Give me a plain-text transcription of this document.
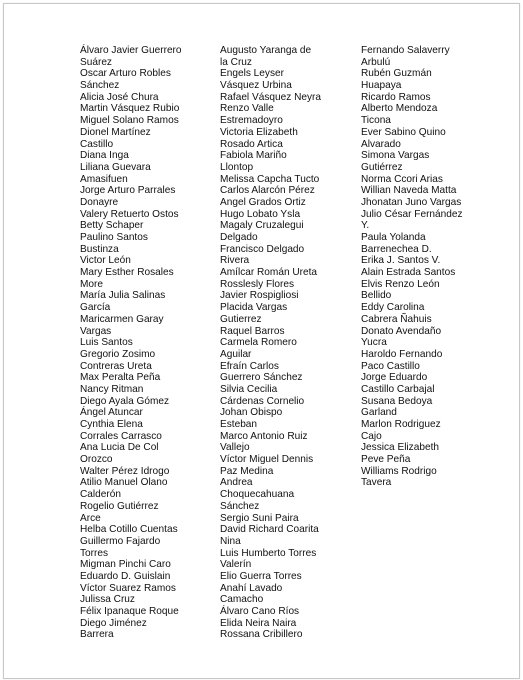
Álvaro Javier Guerrero
Suárez
Oscar Arturo Robles
Sánchez
Alicia José Chura
Martin Vásquez Rubio
Miguel Solano Ramos
Dionel Martínez
Castillo
Diana Inga
Liliana Guevara
Amasifuen
Jorge Arturo Parrales
Donayre
Valery Retuerto Ostos
Betty Schaper
Paulino Santos
Bustinza
Victor León
Mary Esther Rosales
More
María Julia Salinas
García
Maricarmen Garay
Vargas
Luis Santos
Gregorio Zosimo
Contreras Ureta
Max Peralta Peña
Nancy Ritman
Diego Ayala Gómez
Ángel Atuncar
Cynthia Elena
Corrales Carrasco
Ana Lucia De Col
Orozco
Walter Pérez Idrogo
Atilio Manuel Olano
Calderón
Rogelio Gutiérrez
Arce
Helba Cotillo Cuentas
Guillermo Fajardo
Torres
Migman Pinchi Caro
Eduardo D. Guislain
Víctor Suarez Ramos
Julissa Cruz
Félix Ipanaque Roque
Diego Jiménez
Barrera
Augusto Yaranga de
la Cruz
Engels Leyser
Vásquez Urbina
Rafael Vásquez Neyra
Renzo Valle
Estremadoyro
Victoria Elizabeth
Rosado Artica
Fabiola Mariño
Llontop
Melissa Capcha Tucto
Carlos Alarcón Pérez
Angel Grados Ortiz
Hugo Lobato Ysla
Magaly Cruzalegui
Delgado
Francisco Delgado
Rivera
Amílcar Román Ureta
Rosslesly Flores
Javier Rospigliosi
Placida Vargas
Gutierrez
Raquel Barros
Carmela Romero
Aguilar
Efraín Carlos
Guerrero Sánchez
Silvia Cecilia
Cárdenas Cornelio
Johan Obispo
Esteban
Marco Antonio Ruiz
Vallejo
Víctor Miguel Dennis
Paz Medina
Andrea
Choquecahuana
Sánchez
Sergio Suni Paira
David Richard Coarita
Nina
Luis Humberto Torres
Valerín
Elio Guerra Torres
Anahí Lavado
Camacho
Álvaro Cano Ríos
Elida Neira Naira
Rossana Cribillero
Fernando Salaverry
Arbulú
Rubén Guzmán
Huapaya
Ricardo Ramos
Alberto Mendoza
Ticona
Ever Sabino Quino
Alvarado
Simona Vargas
Gutiérrez
Norma Ccori Arias
Willian Naveda Matta
Jhonatan Juno Vargas
Julio César Fernández
Y.
Paula Yolanda
Barrenechea D.
Erika J. Santos V.
Alain Estrada Santos
Elvis Renzo León
Bellido
Eddy Carolina
Cabrera Ñahuis
Donato Avendaño
Yucra
Haroldo Fernando
Paco Castillo
Jorge Eduardo
Castillo Carbajal
Susana Bedoya
Garland
Marlon Rodriguez
Cajo
Jessica Elizabeth
Peve Peña
Williams Rodrigo
Tavera
